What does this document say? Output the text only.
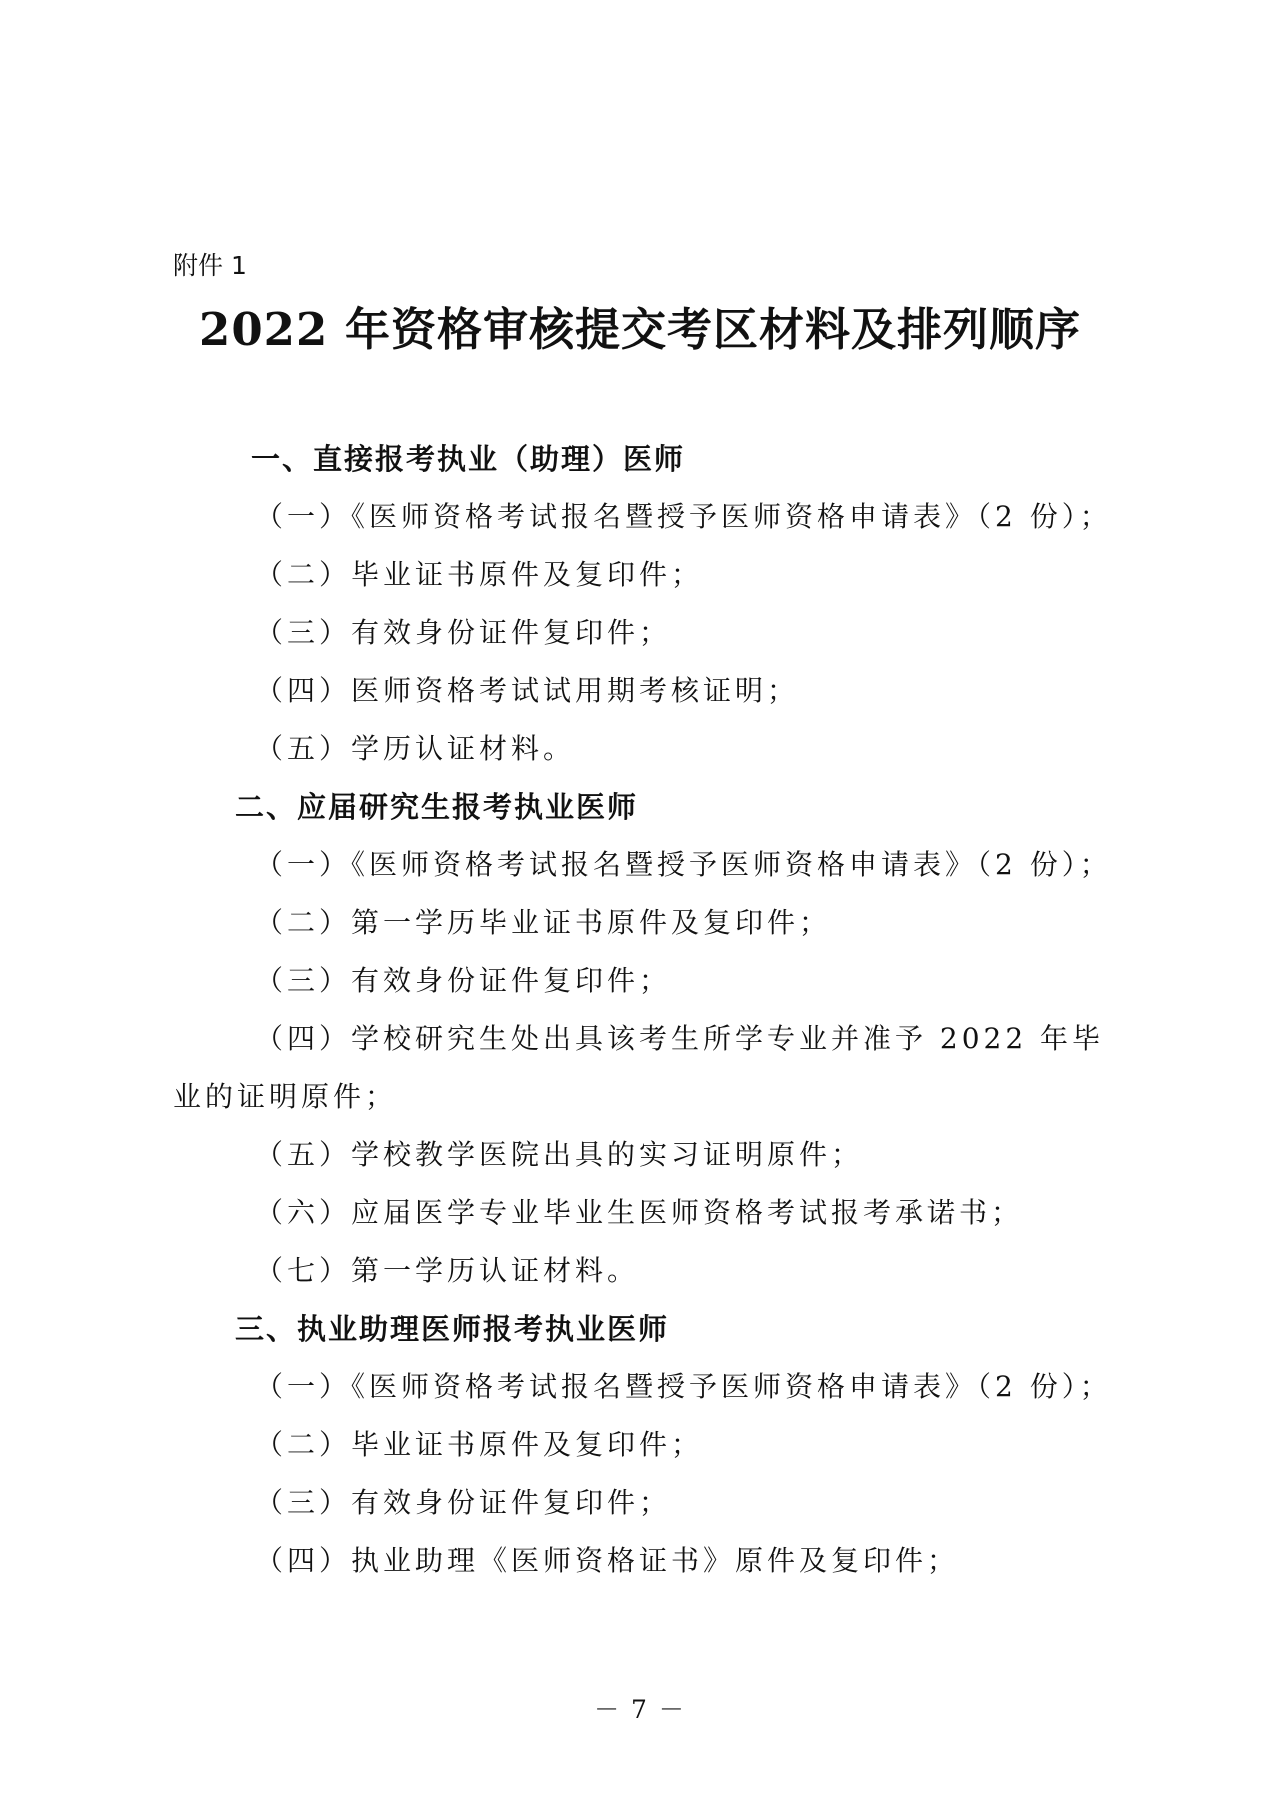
附件 1

2022 年资格审核提交考区材料及排列顺序

一、直接报考执业（助理）医师

（一）《医师资格考试报名暨授予医师资格申请表》（2 份）；

（二）毕业证书原件及复印件；

（三）有效身份证件复印件；

（四）医师资格考试试用期考核证明；

（五）学历认证材料。

二、应届研究生报考执业医师

（一）《医师资格考试报名暨授予医师资格申请表》（2 份）；

（二）第一学历毕业证书原件及复印件；

（三）有效身份证件复印件；

（四）学校研究生处出具该考生所学专业并准予 2022 年毕

业的证明原件；

（五）学校教学医院出具的实习证明原件；

（六）应届医学专业毕业生医师资格考试报考承诺书；

（七）第一学历认证材料。

三、执业助理医师报考执业医师

（一）《医师资格考试报名暨授予医师资格申请表》（2 份）；

（二）毕业证书原件及复印件；

（三）有效身份证件复印件；

（四）执业助理《医师资格证书》原件及复印件；

－ 7 －
